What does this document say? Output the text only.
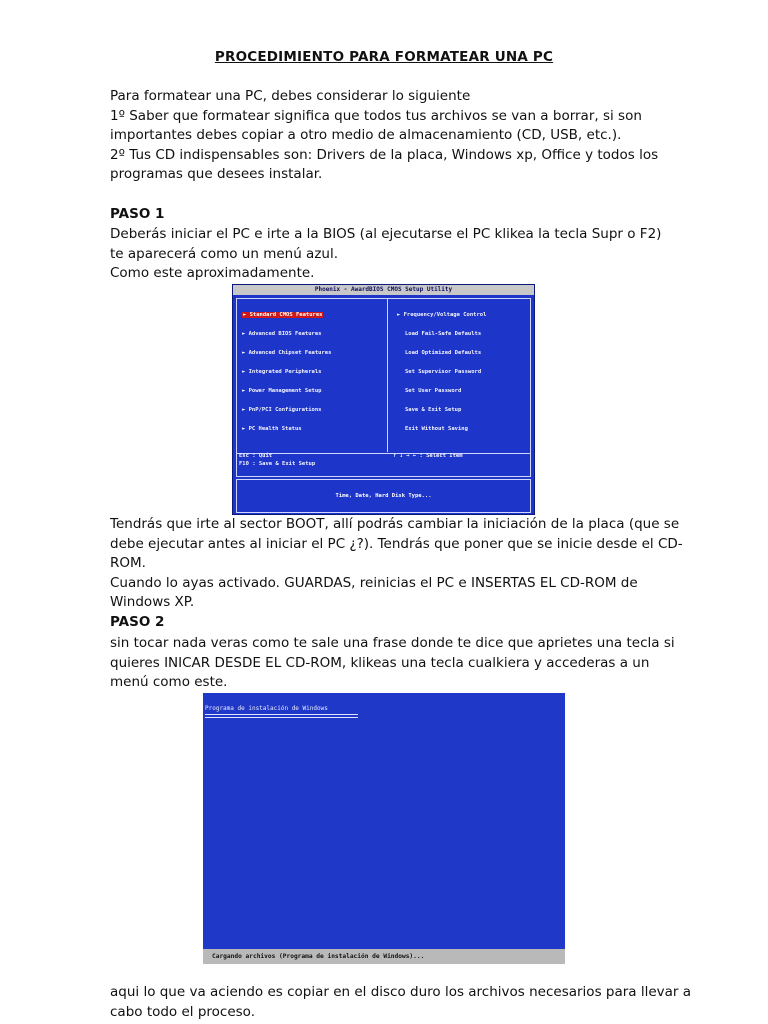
PROCEDIMIENTO PARA FORMATEAR UNA PC

Para formatear una PC, debes considerar lo siguiente
1º Saber que formatear significa que todos tus archivos se van a borrar, si son
importantes debes copiar a otro medio de almacenamiento (CD, USB, etc.).
2º Tus CD indispensables son: Drivers de la placa, Windows xp, Office y todos los
programas que desees instalar.

PASO 1

Deberás iniciar el PC e irte a la BIOS (al ejecutarse el PC klikea la tecla Supr o F2)
te aparecerá como un menú azul.
Como este aproximadamente.

Phoenix - AwardBIOS CMOS Setup Utility
► Standard CMOS Features
► Advanced BIOS Features
► Advanced Chipset Features
► Integrated Peripherals
► Power Management Setup
► PnP/PCI Configurations
► PC Health Status
► Frequency/Voltage Control
Load Fail-Safe Defaults
Load Optimized Defaults
Set Supervisor Password
Set User Password
Save & Exit Setup
Exit Without Saving
Esc : Quit
F10 : Save & Exit Setup
↑ ↓ → ← : Select Item
Time, Date, Hard Disk Type...

Tendrás que irte al sector BOOT, allí podrás cambiar la iniciación de la placa (que se
debe ejecutar antes al iniciar el PC ¿?). Tendrás que poner que se inicie desde el CD-
ROM.
Cuando lo ayas activado. GUARDAS, reinicias el PC e INSERTAS EL CD-ROM de
Windows XP.

PASO 2

sin tocar nada veras como te sale una frase donde te dice que aprietes una tecla si
quieres INICAR DESDE EL CD-ROM, klikeas una tecla cualkiera y accederas a un
menú como este.

Programa de instalación de Windows
Cargando archivos (Programa de instalación de Windows)...

aqui lo que va aciendo es copiar en el disco duro los archivos necesarios para llevar a
cabo todo el proceso.
